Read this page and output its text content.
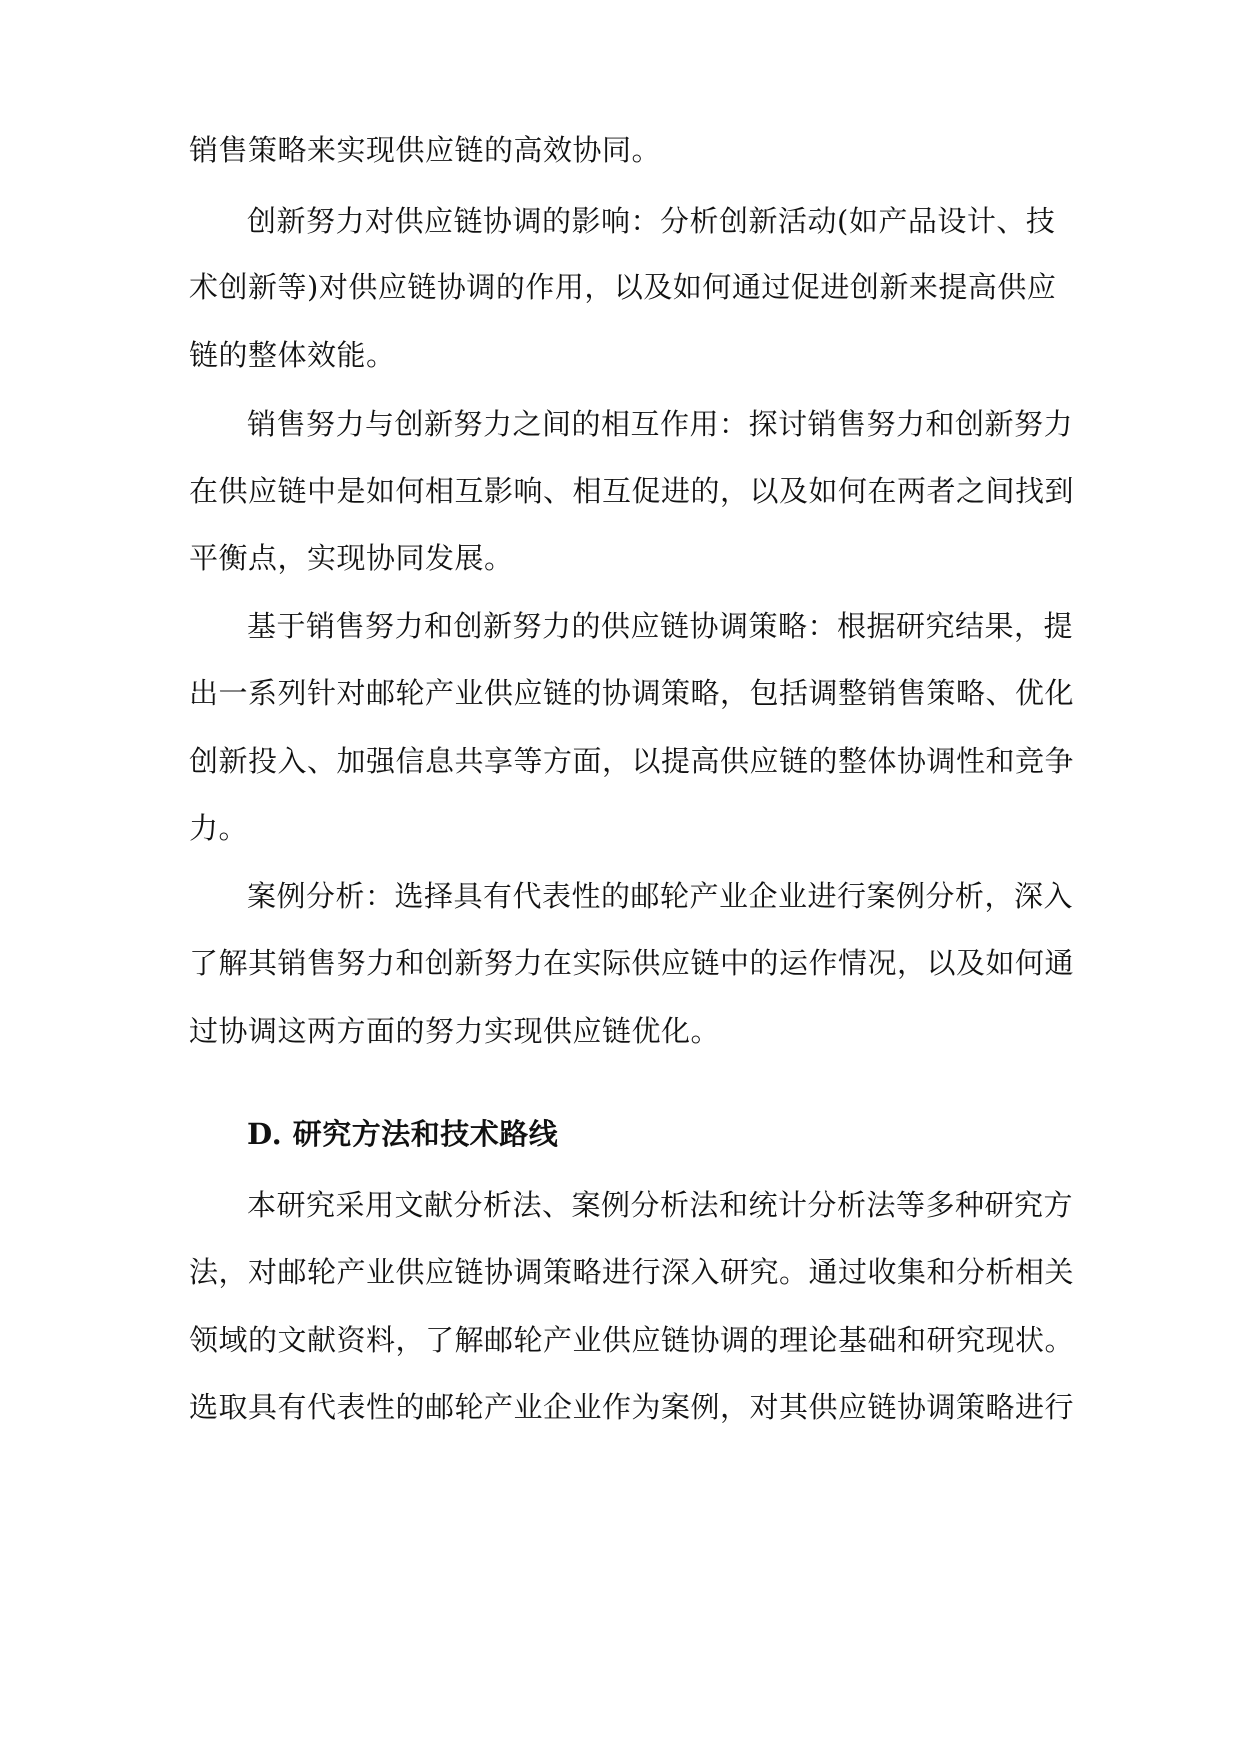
销售策略来实现供应链的高效协同。
创新努力对供应链协调的影响：分析创新活动(如产品设计、技
术创新等)对供应链协调的作用，以及如何通过促进创新来提高供应
链的整体效能。
销售努力与创新努力之间的相互作用：探讨销售努力和创新努力
在供应链中是如何相互影响、相互促进的，以及如何在两者之间找到
平衡点，实现协同发展。
基于销售努力和创新努力的供应链协调策略：根据研究结果，提
出一系列针对邮轮产业供应链的协调策略，包括调整销售策略、优化
创新投入、加强信息共享等方面，以提高供应链的整体协调性和竞争
力。
案例分析：选择具有代表性的邮轮产业企业进行案例分析，深入
了解其销售努力和创新努力在实际供应链中的运作情况，以及如何通
过协调这两方面的努力实现供应链优化。
D. 研究方法和技术路线
本研究采用文献分析法、案例分析法和统计分析法等多种研究方
法，对邮轮产业供应链协调策略进行深入研究。通过收集和分析相关
领域的文献资料，了解邮轮产业供应链协调的理论基础和研究现状。
选取具有代表性的邮轮产业企业作为案例，对其供应链协调策略进行
